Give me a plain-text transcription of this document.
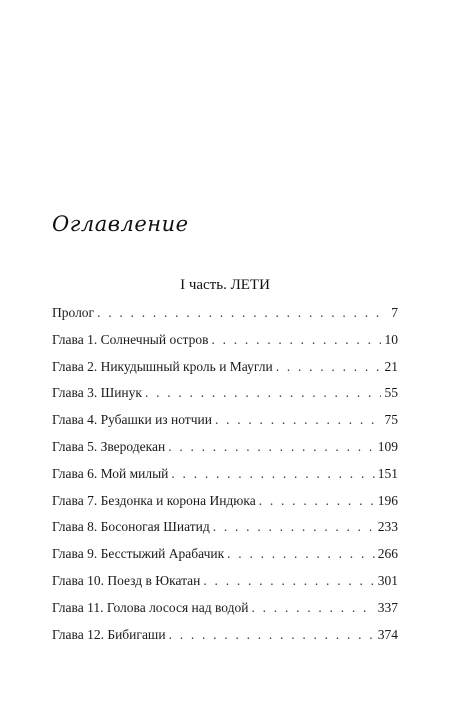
Оглавление
I часть. ЛЕТИ
Пролог . . .	7
Глава 1. Солнечный остров . . .	10
Глава 2. Никудышный кроль и Маугли . . .	21
Глава 3. Шинук . . .	55
Глава 4. Рубашки из нотчии . . .	75
Глава 5. Зверодекан . . .	109
Глава 6. Мой милый . . .	151
Глава 7. Бездонка и корона Индюка . . .	196
Глава 8. Босоногая Шиатид . . .	233
Глава 9. Бесстыжий Арабачик . . .	266
Глава 10. Поезд в Юкатан . . .	301
Глава 11. Голова лосося над водой . . .	337
Глава 12. Бибигаши . . .	374
